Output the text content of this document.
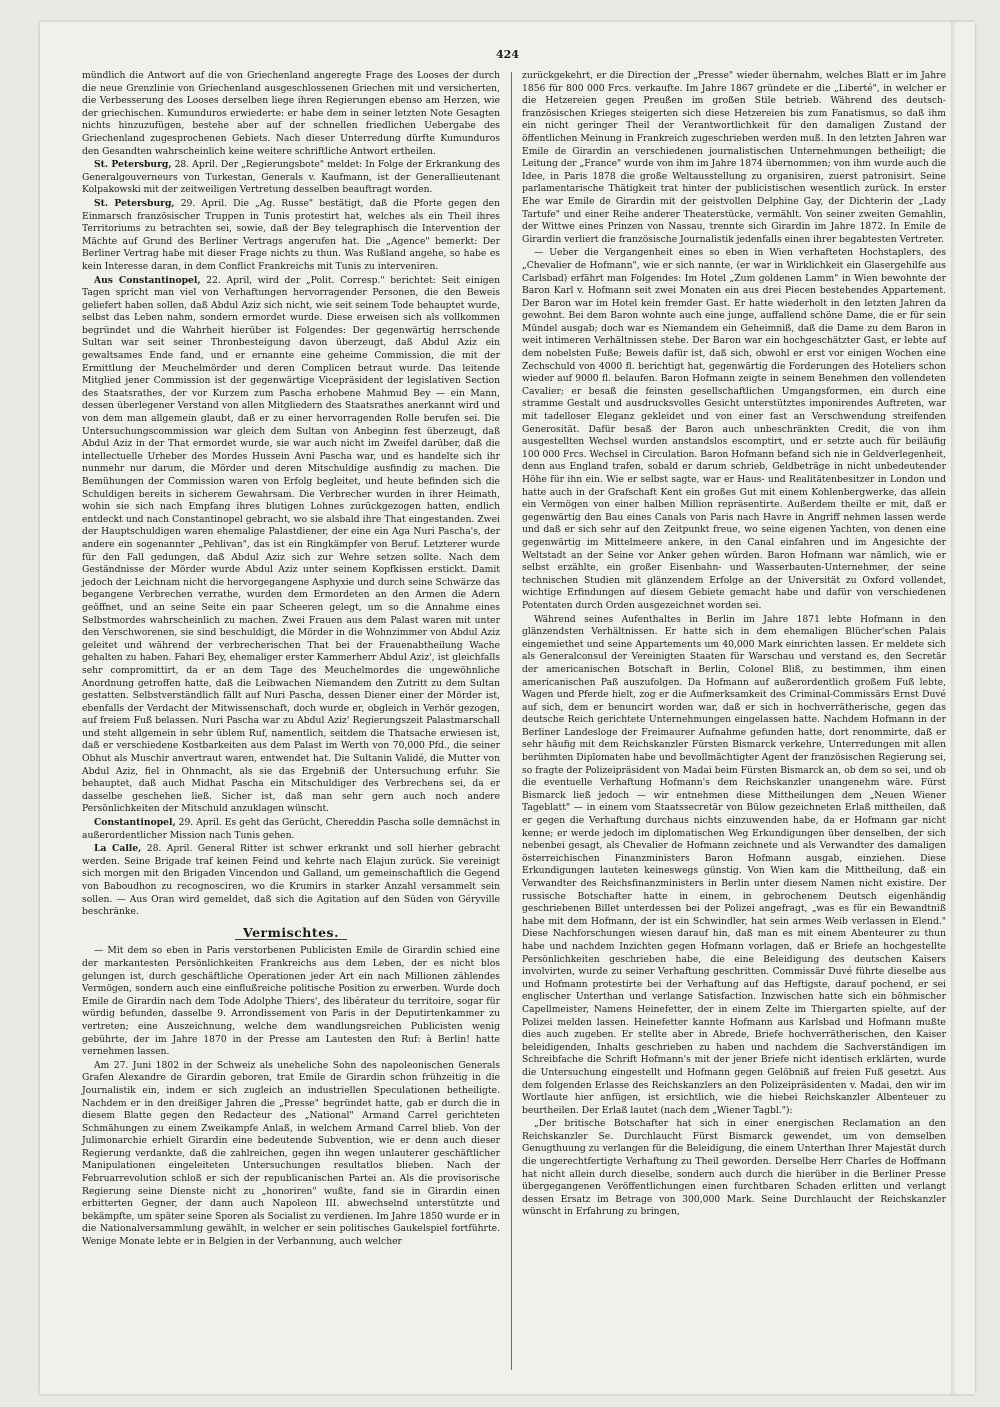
424

mündlich die Antwort auf die von Griechenland angeregte Frage des Looses der durch die neue Grenzlinie von Griechenland ausgeschlossenen Griechen mit und versicherten, die Verbesserung des Looses derselben liege ihren Regierungen ebenso am Herzen, wie der griechischen. Kumunduros erwiederte: er habe dem in seiner letzten Note Gesagten nichts hinzuzufügen, bestehe aber auf der schnellen friedlichen Uebergabe des Griechenland zugesprochenen Gebiets. Nach dieser Unterredung dürfte Kumunduros den Gesandten wahrscheinlich keine weitere schriftliche Antwort ertheilen.

St. Petersburg, 28. April. Der „Regierungsbote" meldet: In Folge der Erkrankung des Generalgouverneurs von Turkestan, Generals v. Kaufmann, ist der Generallieutenant Kolpakowski mit der zeitweiligen Vertretung desselben beauftragt worden.

St. Petersburg, 29. April. Die „Ag. Russe" bestätigt, daß die Pforte gegen den Einmarsch französischer Truppen in Tunis protestirt hat, welches als ein Theil ihres Territoriums zu betrachten sei, sowie, daß der Bey telegraphisch die Intervention der Mächte auf Grund des Berliner Vertrags angerufen hat. Die „Agence" bemerkt: Der Berliner Vertrag habe mit dieser Frage nichts zu thun. Was Rußland angehe, so habe es kein Interesse daran, in dem Conflict Frankreichs mit Tunis zu interveniren.

Aus Constantinopel, 22. April, wird der „Polit. Corresp." berichtet: Seit einigen Tagen spricht man viel von Verhaftungen hervorragender Personen, die den Beweis geliefert haben sollen, daß Abdul Aziz sich nicht, wie seit seinem Tode behauptet wurde, selbst das Leben nahm, sondern ermordet wurde. Diese erweisen sich als vollkommen begründet und die Wahrheit hierüber ist Folgendes: Der gegenwärtig herrschende Sultan war seit seiner Thronbesteigung davon überzeugt, daß Abdul Aziz ein gewaltsames Ende fand, und er ernannte eine geheime Commission, die mit der Ermittlung der Meuchelmörder und deren Complicen betraut wurde. Das leitende Mitglied jener Commission ist der gegenwärtige Vicepräsident der legislativen Section des Staatsrathes, der vor Kurzem zum Pascha erhobene Mahmud Bey — ein Mann, dessen überlegener Verstand von allen Mitgliedern des Staatsrathes anerkannt wird und von dem man allgemein glaubt, daß er zu einer hervorragenden Rolle berufen sei. Die Untersuchungscommission war gleich dem Sultan von Anbeginn fest überzeugt, daß Abdul Aziz in der That ermordet wurde, sie war auch nicht im Zweifel darüber, daß die intellectuelle Urheber des Mordes Hussein Avni Pascha war, und es handelte sich ihr nunmehr nur darum, die Mörder und deren Mitschuldige ausfindig zu machen. Die Bemühungen der Commission waren von Erfolg begleitet, und heute befinden sich die Schuldigen bereits in sicherem Gewahrsam. Die Verbrecher wurden in ihrer Heimath, wohin sie sich nach Empfang ihres blutigen Lohnes zurückgezogen hatten, endlich entdeckt und nach Constantinopel gebracht, wo sie alsbald ihre That eingestanden. Zwei der Hauptschuldigen waren ehemalige Palastdiener, der eine ein Aga Nuri Pascha's, der andere ein sogenannter „Pehlivan", das ist ein Ringkämpfer von Beruf. Letzterer wurde für den Fall gedungen, daß Abdul Aziz sich zur Wehre setzen sollte. Nach dem Geständnisse der Mörder wurde Abdul Aziz unter seinem Kopfkissen erstickt. Damit jedoch der Leichnam nicht die hervorgegangene Asphyxie und durch seine Schwärze das begangene Verbrechen verrathe, wurden dem Ermordeten an den Armen die Adern geöffnet, und an seine Seite ein paar Scheeren gelegt, um so die Annahme eines Selbstmordes wahrscheinlich zu machen. Zwei Frauen aus dem Palast waren mit unter den Verschworenen, sie sind beschuldigt, die Mörder in die Wohnzimmer von Abdul Aziz geleitet und während der verbrecherischen That bei der Frauenabtheilung Wache gehalten zu haben. Fahari Bey, ehemaliger erster Kammerherr Abdul Aziz', ist gleichfalls sehr compromittirt, da er an dem Tage des Meuchelmordes die ungewöhnliche Anordnung getroffen hatte, daß die Leibwachen Niemandem den Zutritt zu dem Sultan gestatten. Selbstverständlich fällt auf Nuri Pascha, dessen Diener einer der Mörder ist, ebenfalls der Verdacht der Mitwissenschaft, doch wurde er, obgleich in Verhör gezogen, auf freiem Fuß belassen. Nuri Pascha war zu Abdul Aziz' Regierungszeit Palastmarschall und steht allgemein in sehr üblem Ruf, namentlich, seitdem die Thatsache erwiesen ist, daß er verschiedene Kostbarkeiten aus dem Palast im Werth von 70,000 Pfd., die seiner Obhut als Muschir anvertraut waren, entwendet hat. Die Sultanin Validé, die Mutter von Abdul Aziz, fiel in Ohnmacht, als sie das Ergebniß der Untersuchung erfuhr. Sie behauptet, daß auch Midhat Pascha ein Mitschuldiger des Verbrechens sei, da er dasselbe geschehen ließ. Sicher ist, daß man sehr gern auch noch andere Persönlichkeiten der Mitschuld anzuklagen wünscht.

Constantinopel, 29. April. Es geht das Gerücht, Chereddin Pascha solle demnächst in außerordentlicher Mission nach Tunis gehen.

La Calle, 28. April. General Ritter ist schwer erkrankt und soll hierher gebracht werden. Seine Brigade traf keinen Feind und kehrte nach Elajun zurück. Sie vereinigt sich morgen mit den Brigaden Vincendon und Galland, um gemeinschaftlich die Gegend von Baboudhon zu recognosciren, wo die Krumirs in starker Anzahl versammelt sein sollen. — Aus Oran wird gemeldet, daß sich die Agitation auf den Süden von Géryville beschränke.

Vermischtes.

— Mit dem so eben in Paris verstorbenen Publicisten Emile de Girardin schied eine der markantesten Persönlichkeiten Frankreichs aus dem Leben, der es nicht blos gelungen ist, durch geschäftliche Operationen jeder Art ein nach Millionen zählendes Vermögen, sondern auch eine einflußreiche politische Position zu erwerben. Wurde doch Emile de Girardin nach dem Tode Adolphe Thiers', des libérateur du territoire, sogar für würdig befunden, dasselbe 9. Arrondissement von Paris in der Deputirtenkammer zu vertreten; eine Auszeichnung, welche dem wandlungsreichen Publicisten wenig gebührte, der im Jahre 1870 in der Presse am Lautesten den Ruf: à Berlin! hatte vernehmen lassen.

Am 27. Juni 1802 in der Schweiz als uneheliche Sohn des napoleonischen Generals Grafen Alexandre de Girardin geboren, trat Emile de Girardin schon frühzeitig in die Journalistik ein, indem er sich zugleich an industriellen Speculationen betheiligte. Nachdem er in den dreißiger Jahren die „Presse" begründet hatte, gab er durch die in diesem Blatte gegen den Redacteur des „National" Armand Carrel gerichteten Schmähungen zu einem Zweikampfe Anlaß, in welchem Armand Carrel blieb. Von der Julimonarchie erhielt Girardin eine bedeutende Subvention, wie er denn auch dieser Regierung verdankte, daß die zahlreichen, gegen ihn wegen unlauterer geschäftlicher Manipulationen eingeleiteten Untersuchungen resultatlos blieben. Nach der Februarrevolution schloß er sich der republicanischen Partei an. Als die provisorische Regierung seine Dienste nicht zu „honoriren" wußte, fand sie in Girardin einen erbitterten Gegner, der dann auch Napoleon III. abwechselnd unterstützte und bekämpfte, um später seine Sporen als Socialist zu verdienen. Im Jahre 1850 wurde er in die Nationalversammlung gewählt, in welcher er sein politisches Gaukelspiel fortführte. Wenige Monate lebte er in Belgien in der Verbannung, auch welcher

zurückgekehrt, er die Direction der „Presse" wieder übernahm, welches Blatt er im Jahre 1856 für 800 000 Frcs. verkaufte. Im Jahre 1867 gründete er die „Liberté", in welcher er die Hetzereien gegen Preußen im großen Stile betrieb. Während des deutsch-französischen Krieges steigerten sich diese Hetzereien bis zum Fanatismus, so daß ihm ein nicht geringer Theil der Verantwortlichkeit für den damaligen Zustand der öffentlichen Meinung in Frankreich zugeschrieben werden muß. In den letzten Jahren war Emile de Girardin an verschiedenen journalistischen Unternehmungen betheiligt; die Leitung der „France" wurde von ihm im Jahre 1874 übernommen; von ihm wurde auch die Idee, in Paris 1878 die große Weltausstellung zu organisiren, zuerst patronisirt. Seine parlamentarische Thätigkeit trat hinter der publicistischen wesentlich zurück. In erster Ehe war Emile de Girardin mit der geistvollen Delphine Gay, der Dichterin der „Lady Tartufe" und einer Reihe anderer Theaterstücke, vermählt. Von seiner zweiten Gemahlin, der Wittwe eines Prinzen von Nassau, trennte sich Girardin im Jahre 1872. In Emile de Girardin verliert die französische Journalistik jedenfalls einen ihrer begabtesten Vertreter.

— Ueber die Vergangenheit eines so eben in Wien verhafteten Hochstaplers, des „Chevalier de Hofmann", wie er sich nannte, (er war in Wirklichkeit ein Glasergehilfe aus Carlsbad) erfährt man Folgendes: Im Hotel „Zum goldenen Lamm" in Wien bewohnte der Baron Karl v. Hofmann seit zwei Monaten ein aus drei Piecen bestehendes Appartement. Der Baron war im Hotel kein fremder Gast. Er hatte wiederholt in den letzten Jahren da gewohnt. Bei dem Baron wohnte auch eine junge, auffallend schöne Dame, die er für sein Mündel ausgab; doch war es Niemandem ein Geheimniß, daß die Dame zu dem Baron in weit intimeren Verhältnissen stehe. Der Baron war ein hochgeschätzter Gast, er lebte auf dem nobelsten Fuße; Beweis dafür ist, daß sich, obwohl er erst vor einigen Wochen eine Zechschuld von 4000 fl. berichtigt hat, gegenwärtig die Forderungen des Hoteliers schon wieder auf 9000 fl. belaufen. Baron Hofmann zeigte in seinem Benehmen den vollendeten Cavalier; er besaß die feinsten gesellschaftlichen Umgangsformen, ein durch eine stramme Gestalt und ausdrucksvolles Gesicht unterstütztes imponirendes Auftreten, war mit tadelloser Eleganz gekleidet und von einer fast an Verschwendung streifenden Generosität. Dafür besaß der Baron auch unbeschränkten Credit, die von ihm ausgestellten Wechsel wurden anstandslos escomptirt, und er setzte auch für beiläufig 100 000 Frcs. Wechsel in Circulation. Baron Hofmann befand sich nie in Geldverlegenheit, denn aus England trafen, sobald er darum schrieb, Geldbeträge in nicht unbedeutender Höhe für ihn ein. Wie er selbst sagte, war er Haus- und Realitätenbesitzer in London und hatte auch in der Grafschaft Kent ein großes Gut mit einem Kohlenbergwerke, das allein ein Vermögen von einer halben Million repräsentirte. Außerdem theilte er mit, daß er gegenwärtig den Bau eines Canals von Paris nach Havre in Angriff nehmen lassen werde und daß er sich sehr auf den Zeitpunkt freue, wo seine eigenen Yachten, von denen eine gegenwärtig im Mittelmeere ankere, in den Canal einfahren und im Angesichte der Weltstadt an der Seine vor Anker gehen würden. Baron Hofmann war nämlich, wie er selbst erzählte, ein großer Eisenbahn- und Wasserbauten-Unternehmer, der seine technischen Studien mit glänzendem Erfolge an der Universität zu Oxford vollendet, wichtige Erfindungen auf diesem Gebiete gemacht habe und dafür von verschiedenen Potentaten durch Orden ausgezeichnet worden sei.

Während seines Aufenthaltes in Berlin im Jahre 1871 lebte Hofmann in den glänzendsten Verhältnissen. Er hatte sich in dem ehemaligen Blücher'schen Palais eingemiethet und seine Appartements um 40,000 Mark einrichten lassen. Er meldete sich als Generalconsul der Vereinigten Staaten für Warschau und verstand es, den Secretär der americanischen Botschaft in Berlin, Colonel Bliß, zu bestimmen, ihm einen americanischen Paß auszufolgen. Da Hofmann auf außerordentlich großem Fuß lebte, Wagen und Pferde hielt, zog er die Aufmerksamkeit des Criminal-Commissärs Ernst Duvé auf sich, dem er benuncirt worden war, daß er sich in hochverrätherische, gegen das deutsche Reich gerichtete Unternehmungen eingelassen hatte. Nachdem Hofmann in der Berliner Landesloge der Freimaurer Aufnahme gefunden hatte, dort renommirte, daß er sehr häufig mit dem Reichskanzler Fürsten Bismarck verkehre, Unterredungen mit allen berühmten Diplomaten habe und bevollmächtigter Agent der französischen Regierung sei, so fragte der Polizeipräsident von Madai beim Fürsten Bismarck an, ob dem so sei, und ob die eventuelle Verhaftung Hofmann's dem Reichskanzler unangenehm wäre. Fürst Bismarck ließ jedoch — wir entnehmen diese Mittheilungen dem „Neuen Wiener Tageblatt" — in einem vom Staatssecretär von Bülow gezeichneten Erlaß mittheilen, daß er gegen die Verhaftung durchaus nichts einzuwenden habe, da er Hofmann gar nicht kenne; er werde jedoch im diplomatischen Weg Erkundigungen über denselben, der sich nebenbei gesagt, als Chevalier de Hofmann zeichnete und als Verwandter des damaligen österreichischen Finanzministers Baron Hofmann ausgab, einziehen. Diese Erkundigungen lauteten keineswegs günstig. Von Wien kam die Mittheilung, daß ein Verwandter des Reichsfinanzministers in Berlin unter diesem Namen nicht existire. Der russische Botschafter hatte in einem, in gebrochenem Deutsch eigenhändig geschriebenen Billet unterdessen bei der Polizei angefragt, „was es für ein Bewandtniß habe mit dem Hofmann, der ist ein Schwindler, hat sein armes Weib verlassen in Elend." Diese Nachforschungen wiesen darauf hin, daß man es mit einem Abenteurer zu thun habe und nachdem Inzichten gegen Hofmann vorlagen, daß er Briefe an hochgestellte Persönlichkeiten geschrieben habe, die eine Beleidigung des deutschen Kaisers involvirten, wurde zu seiner Verhaftung geschritten. Commissär Duvé führte dieselbe aus und Hofmann protestirte bei der Verhaftung auf das Heftigste, darauf pochend, er sei englischer Unterthan und verlange Satisfaction. Inzwischen hatte sich ein böhmischer Capellmeister, Namens Heinefetter, der in einem Zelte im Thiergarten spielte, auf der Polizei melden lassen. Heinefetter kannte Hofmann aus Karlsbad und Hofmann mußte dies auch zugeben. Er stellte aber in Abrede, Briefe hochverrätherischen, den Kaiser beleidigenden, Inhalts geschrieben zu haben und nachdem die Sachverständigen im Schreibfache die Schrift Hofmann's mit der jener Briefe nicht identisch erklärten, wurde die Untersuchung eingestellt und Hofmann gegen Gelöbniß auf freien Fuß gesetzt. Aus dem folgenden Erlasse des Reichskanzlers an den Polizeipräsidenten v. Madai, den wir im Wortlaute hier anfügen, ist ersichtlich, wie die hiebei Reichskanzler Albenteuer zu beurtheilen. Der Erlaß lautet (nach dem „Wiener Tagbl."):

„Der britische Botschafter hat sich in einer energischen Reclamation an den Reichskanzler Se. Durchlaucht Fürst Bismarck gewendet, um von demselben Genugthuung zu verlangen für die Beleidigung, die einem Unterthan Ihrer Majestät durch die ungerechtfertigte Verhaftung zu Theil geworden. Derselbe Herr Charles de Hoffmann hat nicht allein durch dieselbe, sondern auch durch die hierüber in die Berliner Presse übergegangenen Veröffentlichungen einen furchtbaren Schaden erlitten und verlangt dessen Ersatz im Betrage von 300,000 Mark. Seine Durchlaucht der Reichskanzler wünscht in Erfahrung zu bringen,
